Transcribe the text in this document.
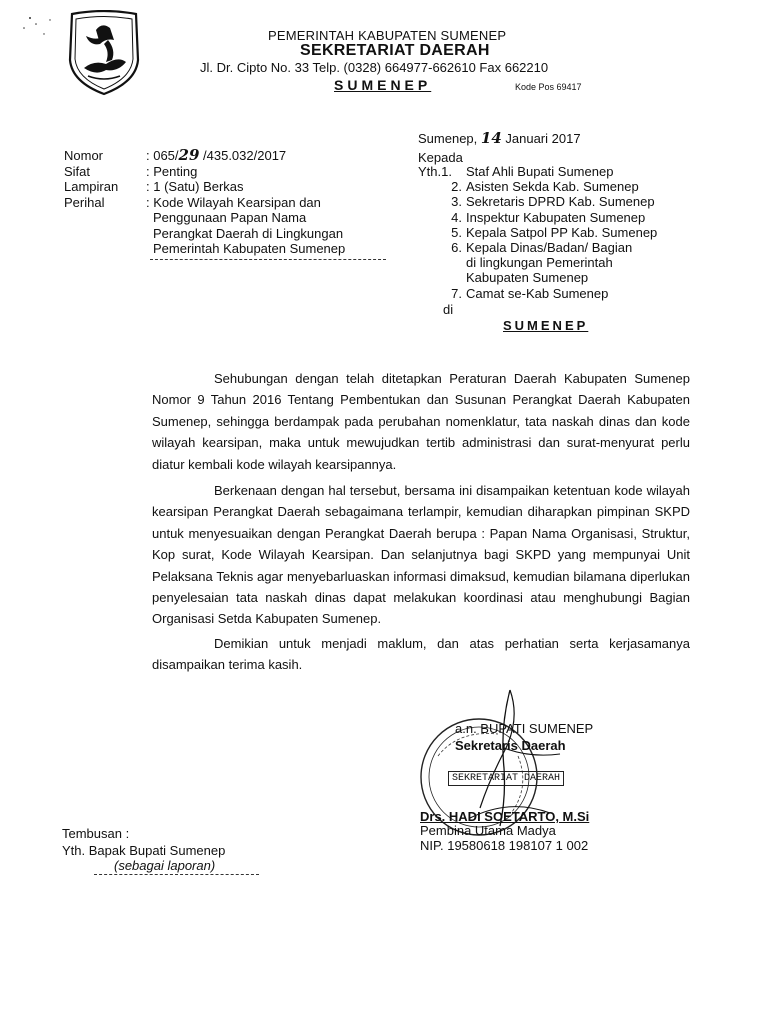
PEMERINTAH KABUPATEN SUMENEP
SEKRETARIAT DAERAH
Jl. Dr. Cipto No. 33 Telp. (0328) 664977-662610 Fax 662210
SUMENEP	Kode Pos 69417
Sumenep, 14 Januari 2017
Nomor	: 065/29 /435.032/2017
Sifat	: Penting
Lampiran	: 1 (Satu) Berkas
Perihal	: Kode Wilayah Kearsipan dan
Penggunaan Papan Nama
Perangkat Daerah di Lingkungan
Pemerintah Kabupaten Sumenep
Kepada
Yth.1. Staf Ahli Bupati Sumenep
2. Asisten Sekda Kab. Sumenep
3. Sekretaris DPRD Kab. Sumenep
4. Inspektur Kabupaten Sumenep
5. Kepala Satpol PP Kab. Sumenep
6. Kepala Dinas/Badan/ Bagian
di lingkungan Pemerintah
Kabupaten Sumenep
7. Camat se-Kab Sumenep
di
SUMENEP

Sehubungan dengan telah ditetapkan Peraturan Daerah Kabupaten Sumenep Nomor 9 Tahun 2016 Tentang Pembentukan dan Susunan Perangkat Daerah Kabupaten Sumenep, sehingga berdampak pada perubahan nomenklatur, tata naskah dinas dan kode wilayah kearsipan, maka untuk mewujudkan tertib administrasi dan surat-menyurat perlu diatur kembali kode wilayah kearsipannya.

Berkenaan dengan hal tersebut, bersama ini disampaikan ketentuan kode wilayah kearsipan Perangkat Daerah sebagaimana terlampir, kemudian diharapkan pimpinan SKPD untuk menyesuaikan dengan Perangkat Daerah berupa : Papan Nama Organisasi, Struktur, Kop surat, Kode Wilayah Kearsipan. Dan selanjutnya bagi SKPD yang mempunyai Unit Pelaksana Teknis agar menyebarluaskan informasi dimaksud, kemudian bilamana diperlukan penyelesaian tata naskah dinas dapat melakukan koordinasi atau menghubungi Bagian Organisasi Setda Kabupaten Sumenep.

Demikian untuk menjadi maklum, dan atas perhatian serta kerjasamanya disampaikan terima kasih.

a.n. BUPATI SUMENEP
Sekretaris Daerah
SEKRETARIAT DAERAH
Drs. HADI SOETARTO, M.Si
Pembina Utama Madya
NIP. 19580618 198107 1 002
Tembusan :
Yth. Bapak Bupati Sumenep
(sebagai laporan)
